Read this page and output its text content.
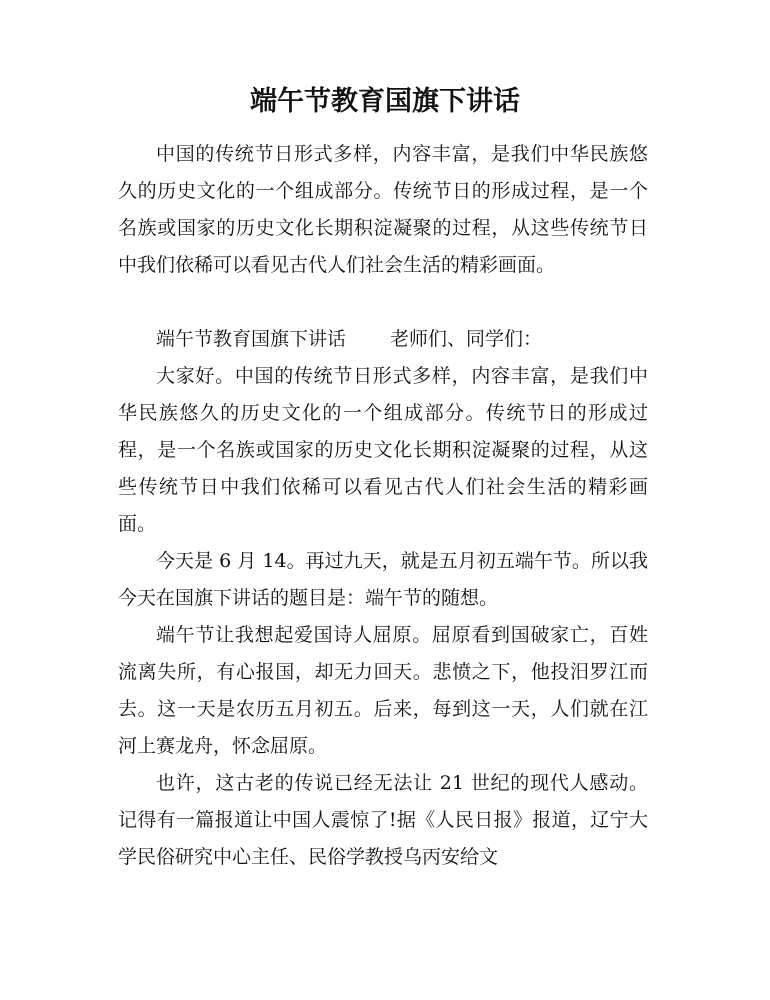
端午节教育国旗下讲话

中国的传统节日形式多样，内容丰富，是我们中华民族悠久的历史文化的一个组成部分。传统节日的形成过程，是一个名族或国家的历史文化长期积淀凝聚的过程，从这些传统节日中我们依稀可以看见古代人们社会生活的精彩画面。

端午节教育国旗下讲话 老师们、同学们：

大家好。中国的传统节日形式多样，内容丰富，是我们中华民族悠久的历史文化的一个组成部分。传统节日的形成过程，是一个名族或国家的历史文化长期积淀凝聚的过程，从这些传统节日中我们依稀可以看见古代人们社会生活的精彩画面。

今天是 6 月 14。再过九天，就是五月初五端午节。所以我今天在国旗下讲话的题目是：端午节的随想。

端午节让我想起爱国诗人屈原。屈原看到国破家亡，百姓流离失所，有心报国，却无力回天。悲愤之下，他投汨罗江而去。这一天是农历五月初五。后来，每到这一天，人们就在江河上赛龙舟，怀念屈原。

也许，这古老的传说已经无法让 21 世纪的现代人感动。记得有一篇报道让中国人震惊了!据《人民日报》报道，辽宁大学民俗研究中心主任、民俗学教授乌丙安给文
